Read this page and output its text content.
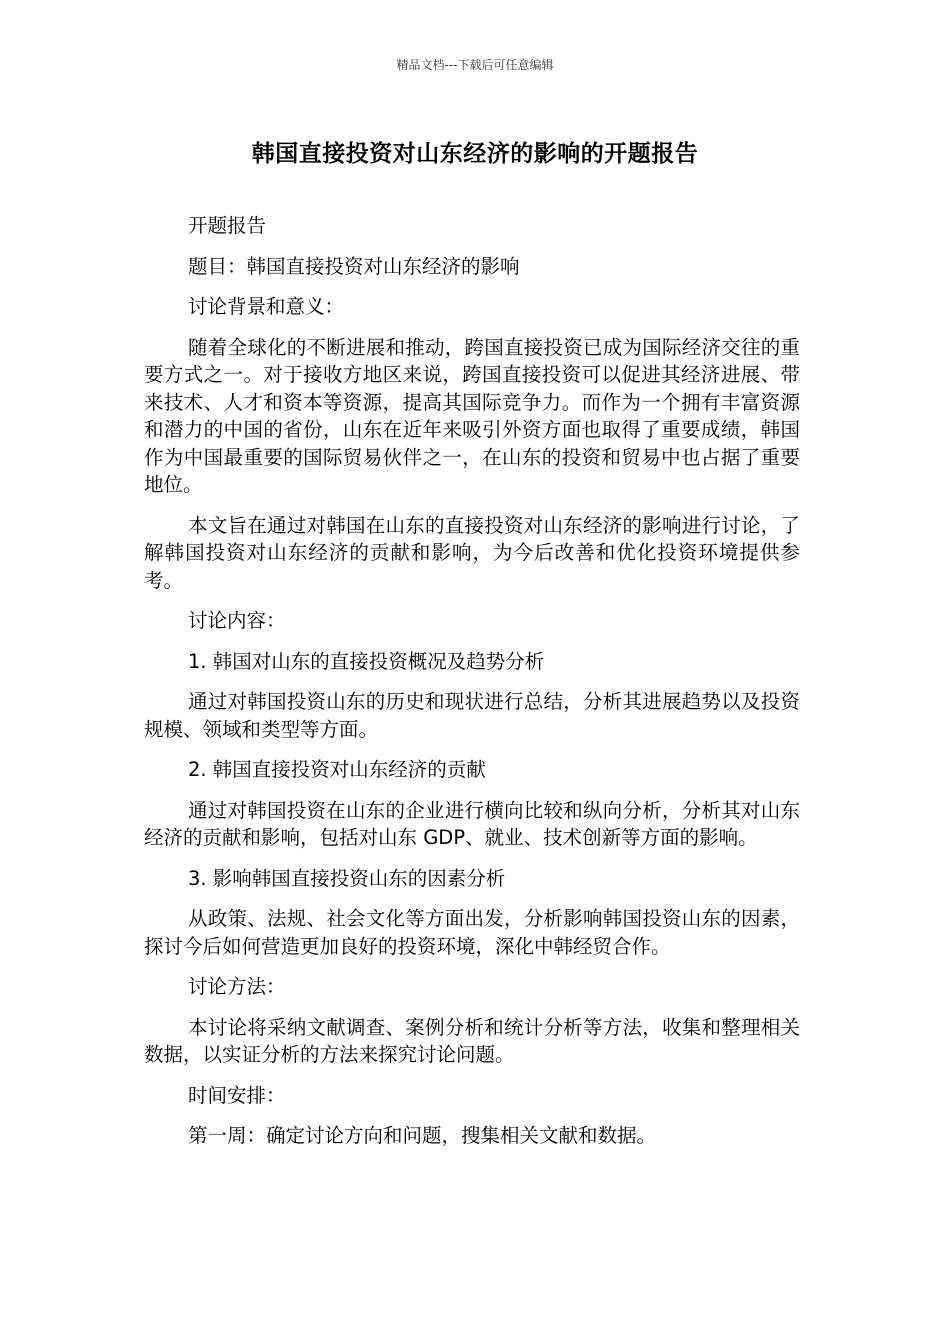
精品文档---下载后可任意编辑
韩国直接投资对山东经济的影响的开题报告

开题报告

题目：韩国直接投资对山东经济的影响

讨论背景和意义：

随着全球化的不断进展和推动，跨国直接投资已成为国际经济交往的重要方式之一。对于接收方地区来说，跨国直接投资可以促进其经济进展、带来技术、人才和资本等资源，提高其国际竞争力。而作为一个拥有丰富资源和潜力的中国的省份，山东在近年来吸引外资方面也取得了重要成绩，韩国作为中国最重要的国际贸易伙伴之一，在山东的投资和贸易中也占据了重要地位。

本文旨在通过对韩国在山东的直接投资对山东经济的影响进行讨论，了解韩国投资对山东经济的贡献和影响，为今后改善和优化投资环境提供参考。

讨论内容：

1. 韩国对山东的直接投资概况及趋势分析

通过对韩国投资山东的历史和现状进行总结，分析其进展趋势以及投资规模、领域和类型等方面。

2. 韩国直接投资对山东经济的贡献

通过对韩国投资在山东的企业进行横向比较和纵向分析，分析其对山东经济的贡献和影响，包括对山东 GDP、就业、技术创新等方面的影响。

3. 影响韩国直接投资山东的因素分析

从政策、法规、社会文化等方面出发，分析影响韩国投资山东的因素，探讨今后如何营造更加良好的投资环境，深化中韩经贸合作。

讨论方法：

本讨论将采纳文献调查、案例分析和统计分析等方法，收集和整理相关数据，以实证分析的方法来探究讨论问题。

时间安排：

第一周：确定讨论方向和问题，搜集相关文献和数据。
